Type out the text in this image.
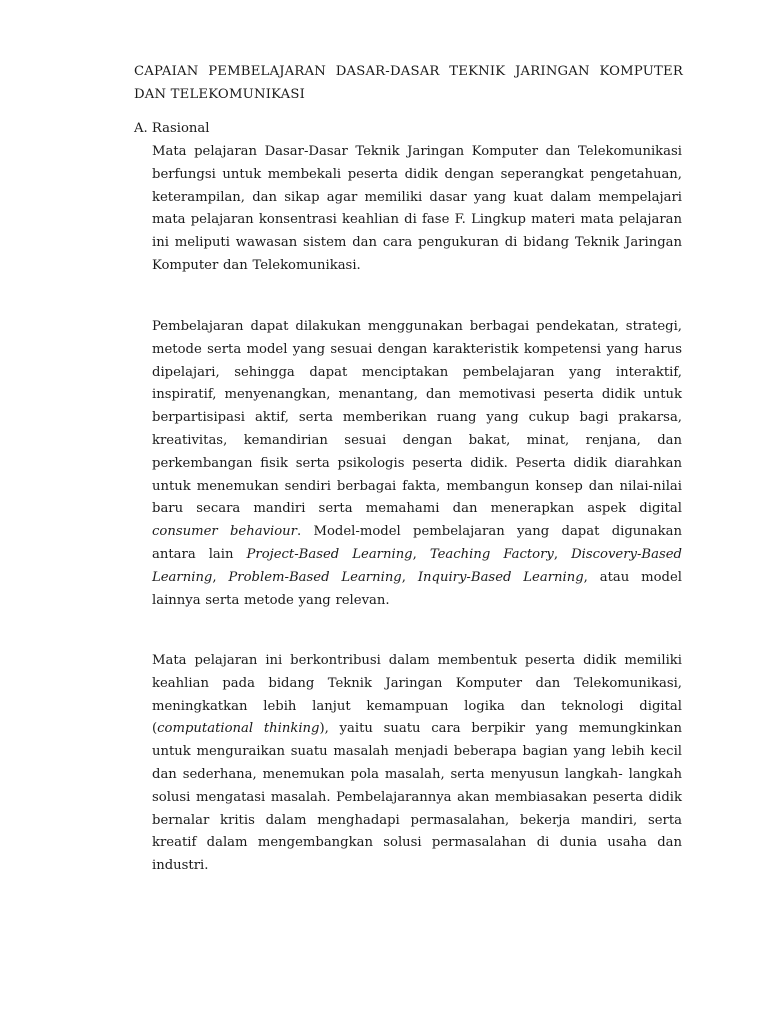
CAPAIAN PEMBELAJARAN DASAR-DASAR TEKNIK JARINGAN KOMPUTER DAN TELEKOMUNIKASI
A. Rasional

Mata pelajaran Dasar-Dasar Teknik Jaringan Komputer dan Telekomunikasi berfungsi untuk membekali peserta didik dengan seperangkat pengetahuan, keterampilan, dan sikap agar memiliki dasar yang kuat dalam mempelajari mata pelajaran konsentrasi keahlian di fase F. Lingkup materi mata pelajaran ini meliputi wawasan sistem dan cara pengukuran di bidang Teknik Jaringan Komputer dan Telekomunikasi.

Pembelajaran dapat dilakukan menggunakan berbagai pendekatan, strategi, metode serta model yang sesuai dengan karakteristik kompetensi yang harus dipelajari, sehingga dapat menciptakan pembelajaran yang interaktif, inspiratif, menyenangkan, menantang, dan memotivasi peserta didik untuk berpartisipasi aktif, serta memberikan ruang yang cukup bagi prakarsa, kreativitas, kemandirian sesuai dengan bakat, minat, renjana, dan perkembangan fisik serta psikologis peserta didik. Peserta didik diarahkan untuk menemukan sendiri berbagai fakta, membangun konsep dan nilai-nilai baru secara mandiri serta memahami dan menerapkan aspek digital consumer behaviour. Model-model pembelajaran yang dapat digunakan antara lain Project-Based Learning, Teaching Factory, Discovery-Based Learning, Problem-Based Learning, Inquiry-Based Learning, atau model lainnya serta metode yang relevan.

Mata pelajaran ini berkontribusi dalam membentuk peserta didik memiliki keahlian pada bidang Teknik Jaringan Komputer dan Telekomunikasi, meningkatkan lebih lanjut kemampuan logika dan teknologi digital (computational thinking), yaitu suatu cara berpikir yang memungkinkan untuk menguraikan suatu masalah menjadi beberapa bagian yang lebih kecil dan sederhana, menemukan pola masalah, serta menyusun langkah- langkah solusi mengatasi masalah. Pembelajarannya akan membiasakan peserta didik bernalar kritis dalam menghadapi permasalahan, bekerja mandiri, serta kreatif dalam mengembangkan solusi permasalahan di dunia usaha dan industri.
